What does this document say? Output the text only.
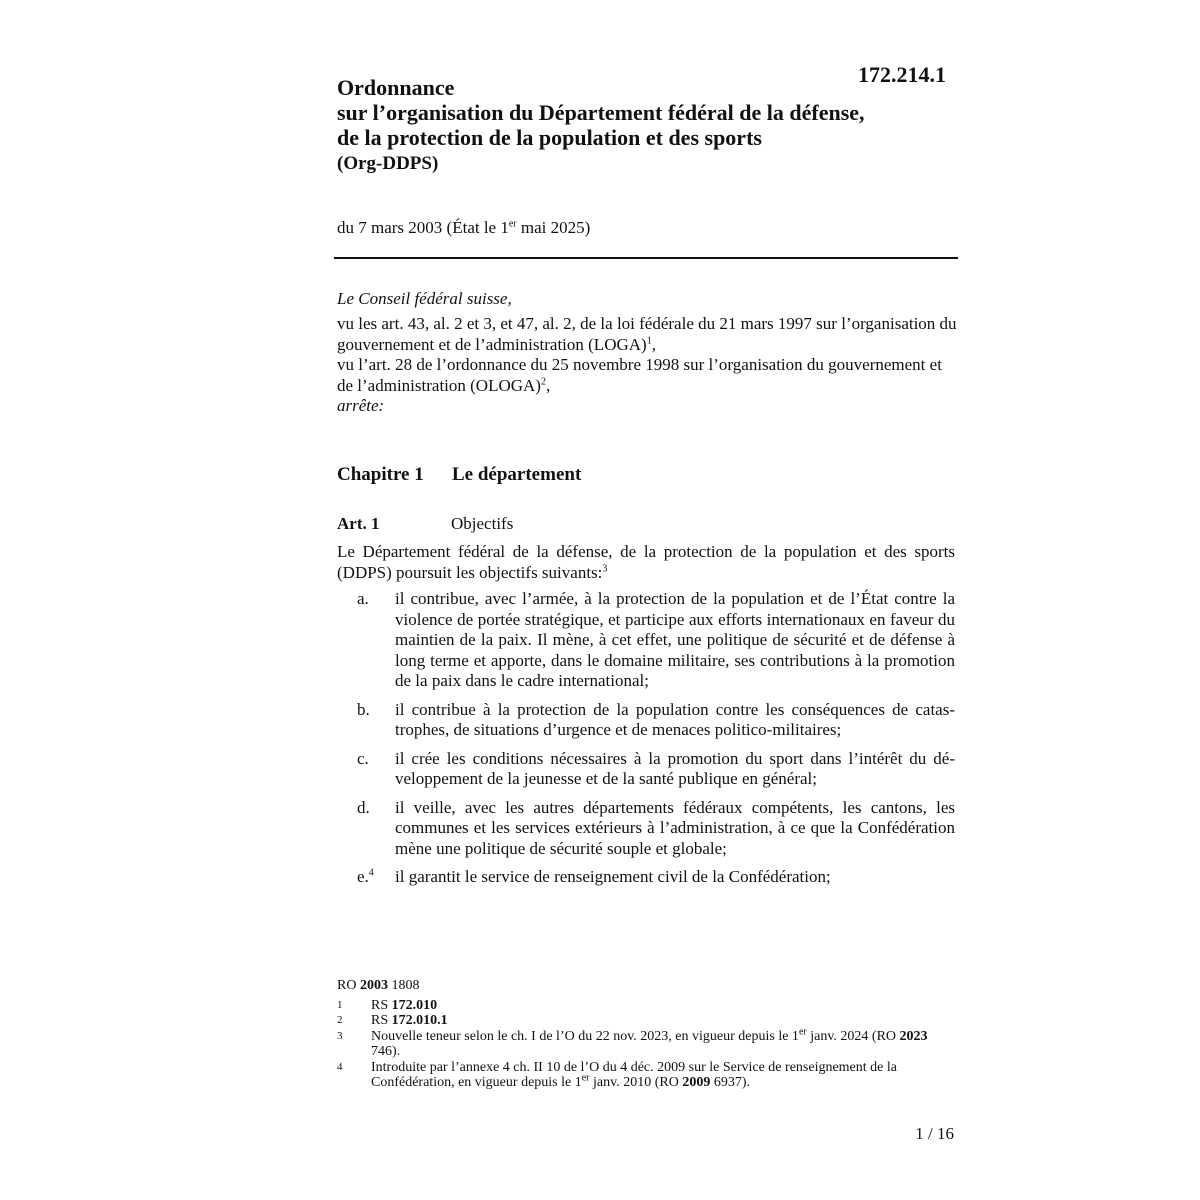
172.214.1
Ordonnance
sur l’organisation du Département fédéral de la défense,
de la protection de la population et des sports
(Org-DDPS)
du 7 mars 2003 (État le 1er mai 2025)
Le Conseil fédéral suisse,

vu les art. 43, al. 2 et 3, et 47, al. 2, de la loi fédérale du 21 mars 1997 sur l’organisation du gouvernement et de l’administration (LOGA)$^1$,

vu l’art. 28 de l’ordonnance du 25 novembre 1998 sur l’organisation du gouvernement et de l’administration (OLOGA)$^2$,

arrête:

Chapitre 1 Le département
Art. 1	Objectifs
Le Département fédéral de la défense, de la protection de la population et des sports (DDPS) poursuit les objectifs suivants:$^3$
a.	il contribue, avec l’armée, à la protection de la population et de l’État contre la violence de portée stratégique, et participe aux efforts internationaux en faveur du maintien de la paix. Il mène, à cet effet, une politique de sécurité et de défense à long terme et apporte, dans le domaine militaire, ses contributions à la promotion de la paix dans le cadre international;
b.	il contribue à la protection de la population contre les conséquences de catastrophes, de situations d’urgence et de menaces politico-militaires;
c.	il crée les conditions nécessaires à la promotion du sport dans l’intérêt du développement de la jeunesse et de la santé publique en général;
d.	il veille, avec les autres départements fédéraux compétents, les cantons, les communes et les services extérieurs à l’administration, à ce que la Confédération mène une politique de sécurité souple et globale;
e.$^4$	il garantit le service de renseignement civil de la Confédération;
RO 2003 1808
1	RS 172.010
2	RS 172.010.1
3	Nouvelle teneur selon le ch. I de l’O du 22 nov. 2023, en vigueur depuis le 1er janv. 2024 (RO 2023 746).
4	Introduite par l’annexe 4 ch. II 10 de l’O du 4 déc. 2009 sur le Service de renseignement de la Confédération, en vigueur depuis le 1er janv. 2010 (RO 2009 6937).
1 / 16
